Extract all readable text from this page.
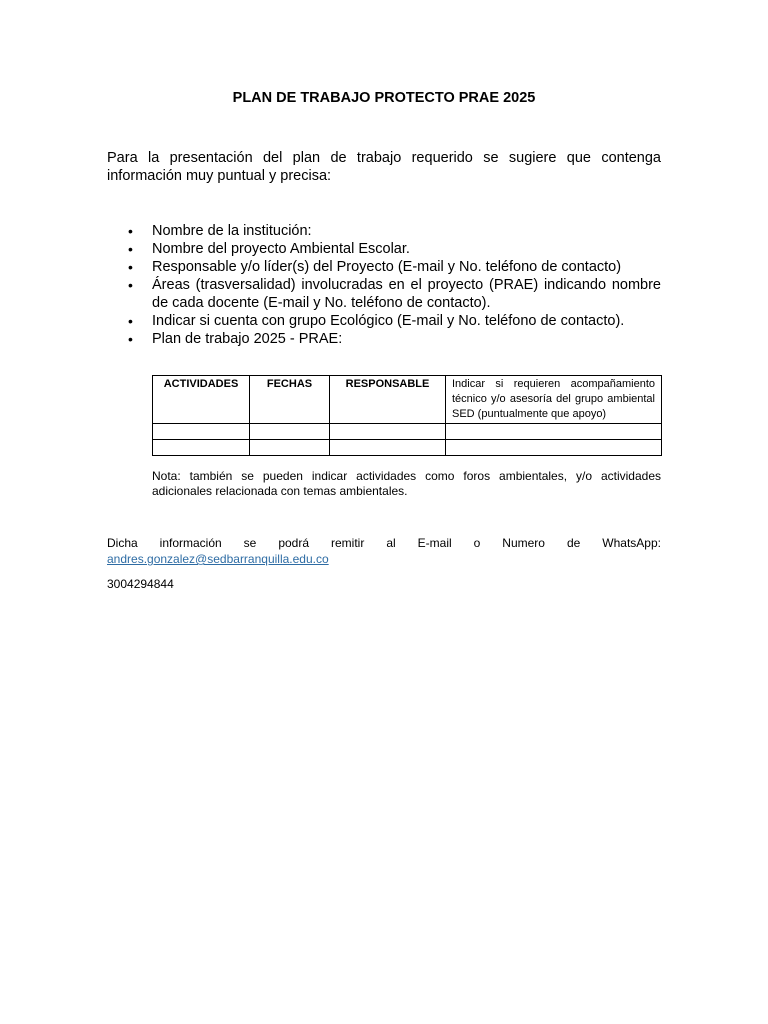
PLAN DE TRABAJO PROTECTO PRAE 2025

Para la presentación del plan de trabajo requerido se sugiere que contenga información muy puntual y precisa:

• Nombre de la institución:
• Nombre del proyecto Ambiental Escolar.
• Responsable y/o líder(s) del Proyecto (E-mail y No. teléfono de contacto)
• Áreas (trasversalidad) involucradas en el proyecto (PRAE) indicando nombre de cada docente (E-mail y No. teléfono de contacto).
• Indicar si cuenta con grupo Ecológico (E-mail y No. teléfono de contacto).
• Plan de trabajo 2025 - PRAE:
ACTIVIDADES	FECHAS	RESPONSABLE	Indicar si requieren acompañamiento técnico y/o asesoría del grupo ambiental SED (puntualmente que apoyo)

Nota: también se pueden indicar actividades como foros ambientales, y/o actividades adicionales relacionada con temas ambientales.

Dicha información se podrá remitir al E-mail o Numero de WhatsApp: andres.gonzalez@sedbarranquilla.edu.co

3004294844
